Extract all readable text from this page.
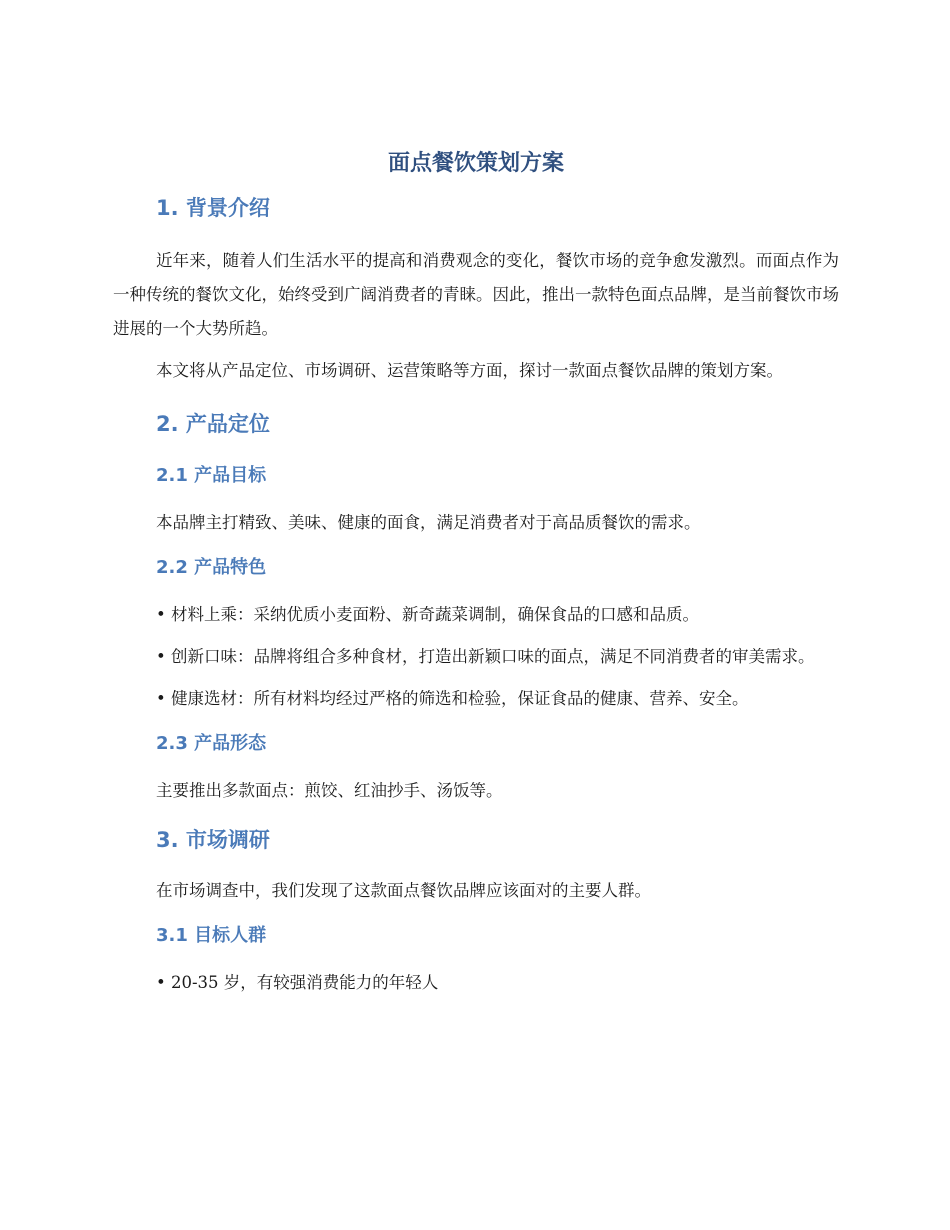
面点餐饮策划方案
1. 背景介绍

近年来，随着人们生活水平的提高和消费观念的变化，餐饮市场的竞争愈发激烈。而面点作为一种传统的餐饮文化，始终受到广阔消费者的青睐。因此，推出一款特色面点品牌，是当前餐饮市场进展的一个大势所趋。

本文将从产品定位、市场调研、运营策略等方面，探讨一款面点餐饮品牌的策划方案。

2. 产品定位
2.1 产品目标

本品牌主打精致、美味、健康的面食，满足消费者对于高品质餐饮的需求。

2.2 产品特色

• 材料上乘：采纳优质小麦面粉、新奇蔬菜调制，确保食品的口感和品质。

• 创新口味：品牌将组合多种食材，打造出新颖口味的面点，满足不同消费者的审美需求。

• 健康选材：所有材料均经过严格的筛选和检验，保证食品的健康、营养、安全。

2.3 产品形态

主要推出多款面点：煎饺、红油抄手、汤饭等。

3. 市场调研

在市场调查中，我们发现了这款面点餐饮品牌应该面对的主要人群。

3.1 目标人群

• 20-35 岁，有较强消费能力的年轻人
